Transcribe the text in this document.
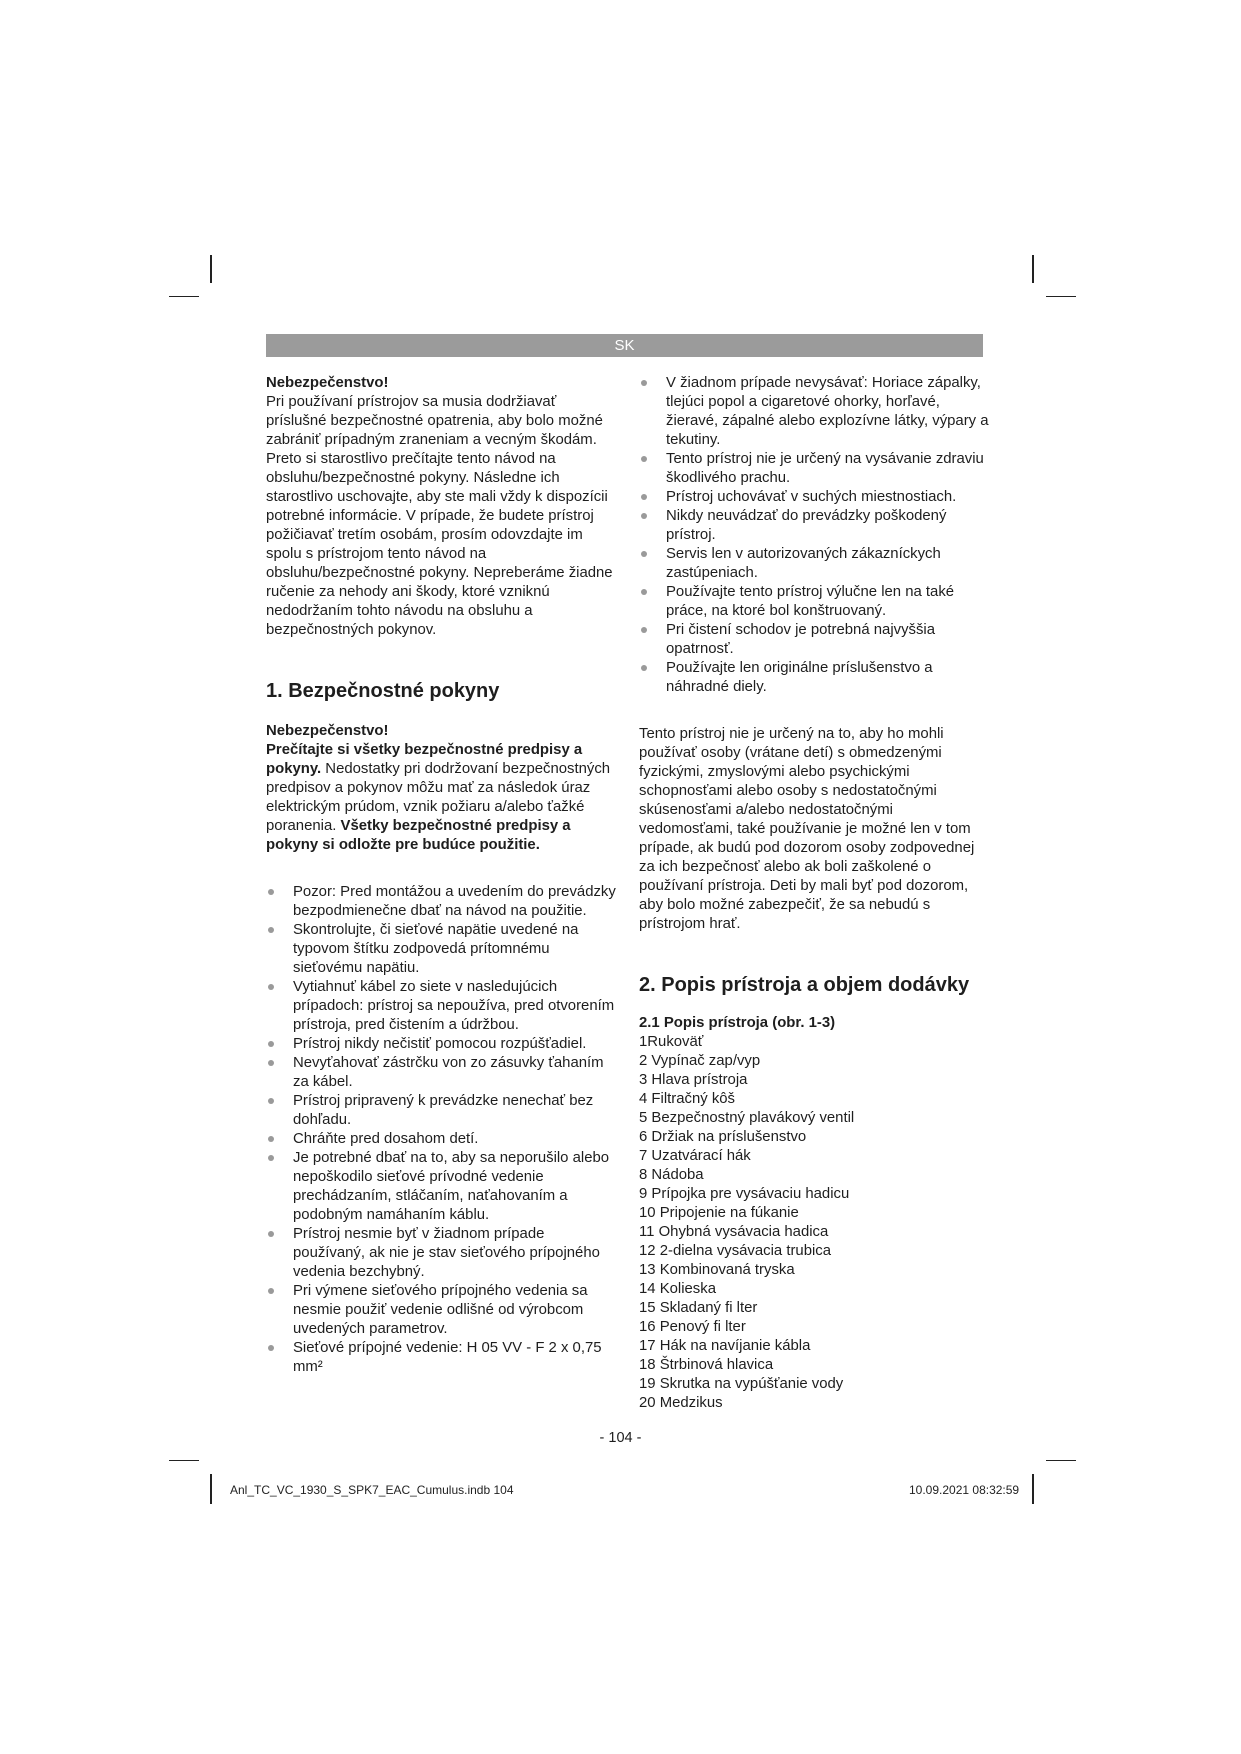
SK

Nebezpečenstvo!

Pri používaní prístrojov sa musia dodržiavať príslušné bezpečnostné opatrenia, aby bolo možné zabrániť prípadným zraneniam a vecným škodám. Preto si starostlivo prečítajte tento návod na obsluhu/bezpečnostné pokyny. Následne ich starostlivo uschovajte, aby ste mali vždy k dispozícii potrebné informácie. V prípade, že budete prístroj požičiavať tretím osobám, prosím odovzdajte im spolu s prístrojom tento návod na obsluhu/bezpečnostné pokyny. Nepreberáme žiadne ručenie za nehody ani škody, ktoré vzniknú nedodržaním tohto návodu na obsluhu a bezpečnostných pokynov.

1. Bezpečnostné pokyny

Nebezpečenstvo!

Prečítajte si všetky bezpečnostné predpisy a pokyny. Nedostatky pri dodržovaní bezpečnostných predpisov a pokynov môžu mať za následok úraz elektrickým prúdom, vznik požiaru a/alebo ťažké poranenia. Všetky bezpečnostné predpisy a pokyny si odložte pre budúce použitie.

Pozor: Pred montážou a uvedením do prevádzky bezpodmienečne dbať na návod na použitie.
Skontrolujte, či sieťové napätie uvedené na typovom štítku zodpovedá prítomnému sieťovému napätiu.
Vytiahnuť kábel zo siete v nasledujúcich prípadoch: prístroj sa nepoužíva, pred otvorením prístroja, pred čistením a údržbou.
Prístroj nikdy nečistiť pomocou rozpúšťadiel.
Nevyťahovať zástrčku von zo zásuvky ťahaním za kábel.
Prístroj pripravený k prevádzke nenechať bez dohľadu.
Chráňte pred dosahom detí.
Je potrebné dbať na to, aby sa neporušilo alebo nepoškodilo sieťové prívodné vedenie prechádzaním, stláčaním, naťahovaním a podobným namáhaním káblu.
Prístroj nesmie byť v žiadnom prípade používaný, ak nie je stav sieťového prípojného vedenia bezchybný.
Pri výmene sieťového prípojného vedenia sa nesmie použiť vedenie odlišné od výrobcom uvedených parametrov.
Sieťové prípojné vedenie: H 05 VV - F 2 x 0,75 mm²
V žiadnom prípade nevysávať: Horiace zápalky, tlejúci popol a cigaretové ohorky, horľavé, žieravé, zápalné alebo explozívne látky, výpary a tekutiny.
Tento prístroj nie je určený na vysávanie zdraviu škodlivého prachu.
Prístroj uchovávať v suchých miestnostiach.
Nikdy neuvádzať do prevádzky poškodený prístroj.
Servis len v autorizovaných zákazníckych zastúpeniach.
Používajte tento prístroj výlučne len na také práce, na ktoré bol konštruovaný.
Pri čistení schodov je potrebná najvyššia opatrnosť.
Používajte len originálne príslušenstvo a náhradné diely.

Tento prístroj nie je určený na to, aby ho mohli používať osoby (vrátane detí) s obmedzenými fyzickými, zmyslovými alebo psychickými schopnosťami alebo osoby s nedostatočnými skúsenosťami a/alebo nedostatočnými vedomosťami, také používanie je možné len v tom prípade, ak budú pod dozorom osoby zodpovednej za ich bezpečnosť alebo ak boli zaškolené o používaní prístroja. Deti by mali byť pod dozorom, aby bolo možné zabezpečiť, že sa nebudú s prístrojom hrať.

2. Popis prístroja a objem dodávky

2.1 Popis prístroja (obr. 1-3)

1Rukoväť
2 Vypínač zap/vyp
3 Hlava prístroja
4 Filtračný kôš
5 Bezpečnostný plavákový ventil
6 Držiak na príslušenstvo
7 Uzatvárací hák
8 Nádoba
9 Prípojka pre vysávaciu hadicu
10 Pripojenie na fúkanie
11 Ohybná vysávacia hadica
12 2-dielna vysávacia trubica
13 Kombinovaná tryska
14 Kolieska
15 Skladaný fi lter
16 Penový fi lter
17 Hák na navíjanie kábla
18 Štrbinová hlavica
19 Skrutka na vypúšťanie vody
20 Medzikus
- 104 -
Anl_TC_VC_1930_S_SPK7_EAC_Cumulus.indb 104	10.09.2021 08:32:59
